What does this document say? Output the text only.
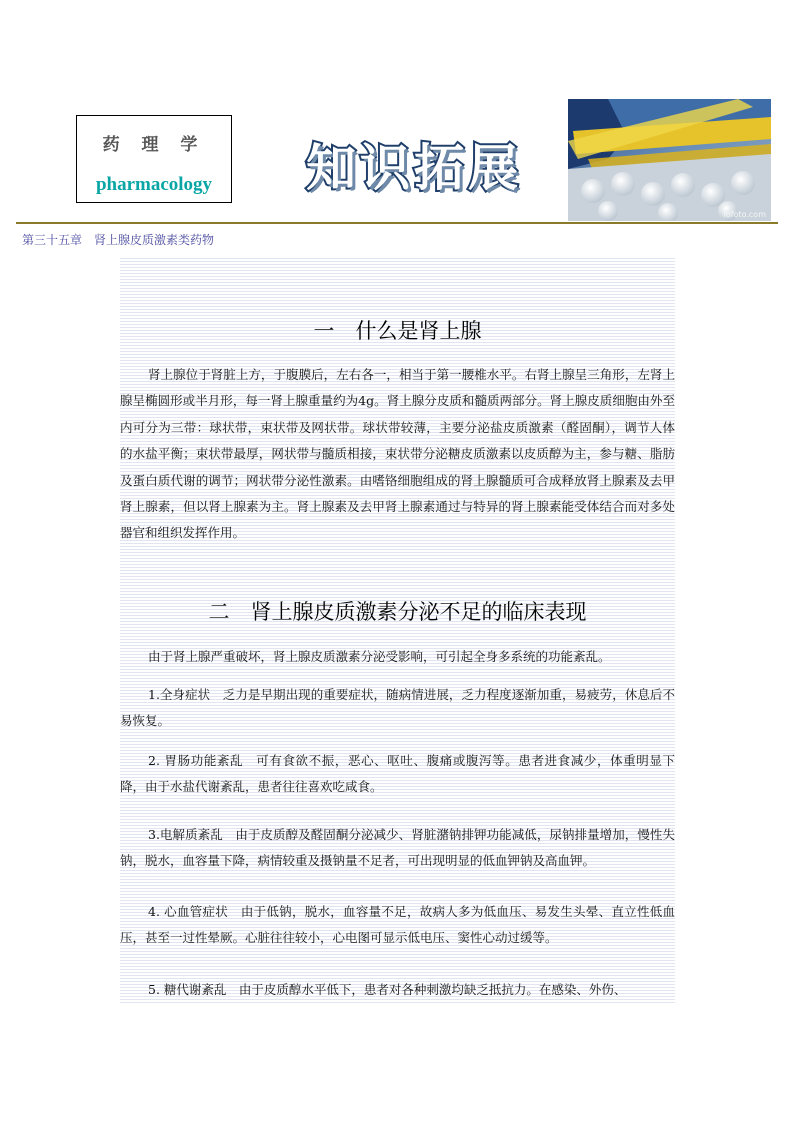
药 理 学
pharmacology	知识拓展
iofoto.com
第三十五章　肾上腺皮质激素类药物
一　什么是肾上腺

肾上腺位于肾脏上方，于腹膜后，左右各一，相当于第一腰椎水平。右肾上腺呈三角形，左肾上腺呈椭圆形或半月形，每一肾上腺重量约为4g。肾上腺分皮质和髓质两部分。肾上腺皮质细胞由外至内可分为三带：球状带，束状带及网状带。球状带较薄，主要分泌盐皮质激素（醛固酮），调节人体的水盐平衡；束状带最厚，网状带与髓质相接，束状带分泌糖皮质激素以皮质醇为主，参与糖、脂肪及蛋白质代谢的调节；网状带分泌性激素。由嗜铬细胞组成的肾上腺髓质可合成释放肾上腺素及去甲肾上腺素，但以肾上腺素为主。肾上腺素及去甲肾上腺素通过与特异的肾上腺素能受体结合而对多处器官和组织发挥作用。

二　肾上腺皮质激素分泌不足的临床表现

由于肾上腺严重破坏，肾上腺皮质激素分泌受影响，可引起全身多系统的功能紊乱。

1.全身症状　乏力是早期出现的重要症状，随病情进展，乏力程度逐渐加重，易疲劳，休息后不易恢复。

2. 胃肠功能紊乱　可有食欲不振，恶心、呕吐、腹痛或腹泻等。患者进食减少，体重明显下降，由于水盐代谢紊乱，患者往往喜欢吃咸食。

3.电解质紊乱　由于皮质醇及醛固酮分泌减少、肾脏潴钠排钾功能减低，尿钠排量增加，慢性失钠，脱水，血容量下降，病情较重及摄钠量不足者，可出现明显的低血钾钠及高血钾。

4. 心血管症状　由于低钠，脱水，血容量不足，故病人多为低血压、易发生头晕、直立性低血压，甚至一过性晕厥。心脏往往较小，心电图可显示低电压、窦性心动过缓等。

5. 糖代谢紊乱　由于皮质醇水平低下，患者对各种刺激均缺乏抵抗力。在感染、外伤、
